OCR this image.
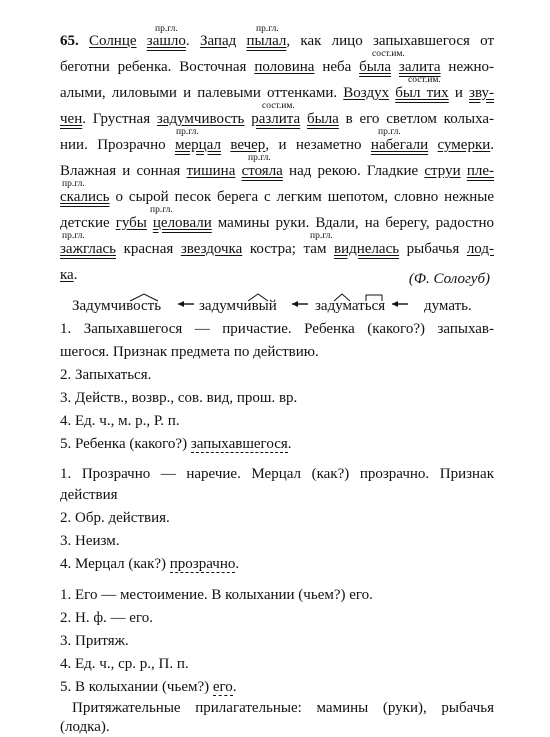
65. Солнце зашло. Запад пылал, как лицо запыхавшегося от
пр.гл.	пр.гл.
беготни ребенка. Восточная половина неба была залита нежно-
сост.им.
алыми, лиловыми и палевыми оттенками. Воздух был тих и зву-
сост.им.
чен. Грустная задумчивость разлита была в его светлом колыха-
сост.им.
нии. Прозрачно мерцал вечер, и незаметно набегали сумерки.
пр.гл.	пр.гл.
Влажная и сонная тишина стояла над рекою. Гладкие струи пле-
пр.гл.
скались о сырой песок берега с легким шепотом, словно нежные
пр.гл.
детские губы целовали мамины руки. Вдали, на берегу, радостно
пр.гл.
зажглась красная звездочка костра; там виднелась рыбачья лод-
пр.гл.	пр.гл.
ка.	(Ф. Сологуб)
Задумчивость	задумчивый	задуматься	думать.
1. Запыхавшегося — причастие. Ребенка (какого?) запыхав-
шегося. Признак предмета по действию.
2. Запыхаться.
3. Действ., возвр., сов. вид, прош. вр.
4. Ед. ч., м. р., Р. п.
5. Ребенка (какого?) запыхавшегося.
1. Прозрачно — наречие. Мерцал (как?) прозрачно. Признак
действия
2. Обр. действия.
3. Неизм.
4. Мерцал (как?) прозрачно.
1. Его — местоимение. В колыхании (чьем?) его.
2. Н. ф. — его.
3. Притяж.
4. Ед. ч., ср. р., П. п.
5. В колыхании (чьем?) его.
Притяжательные прилагательные: мамины (руки), рыбачья
(лодка).
